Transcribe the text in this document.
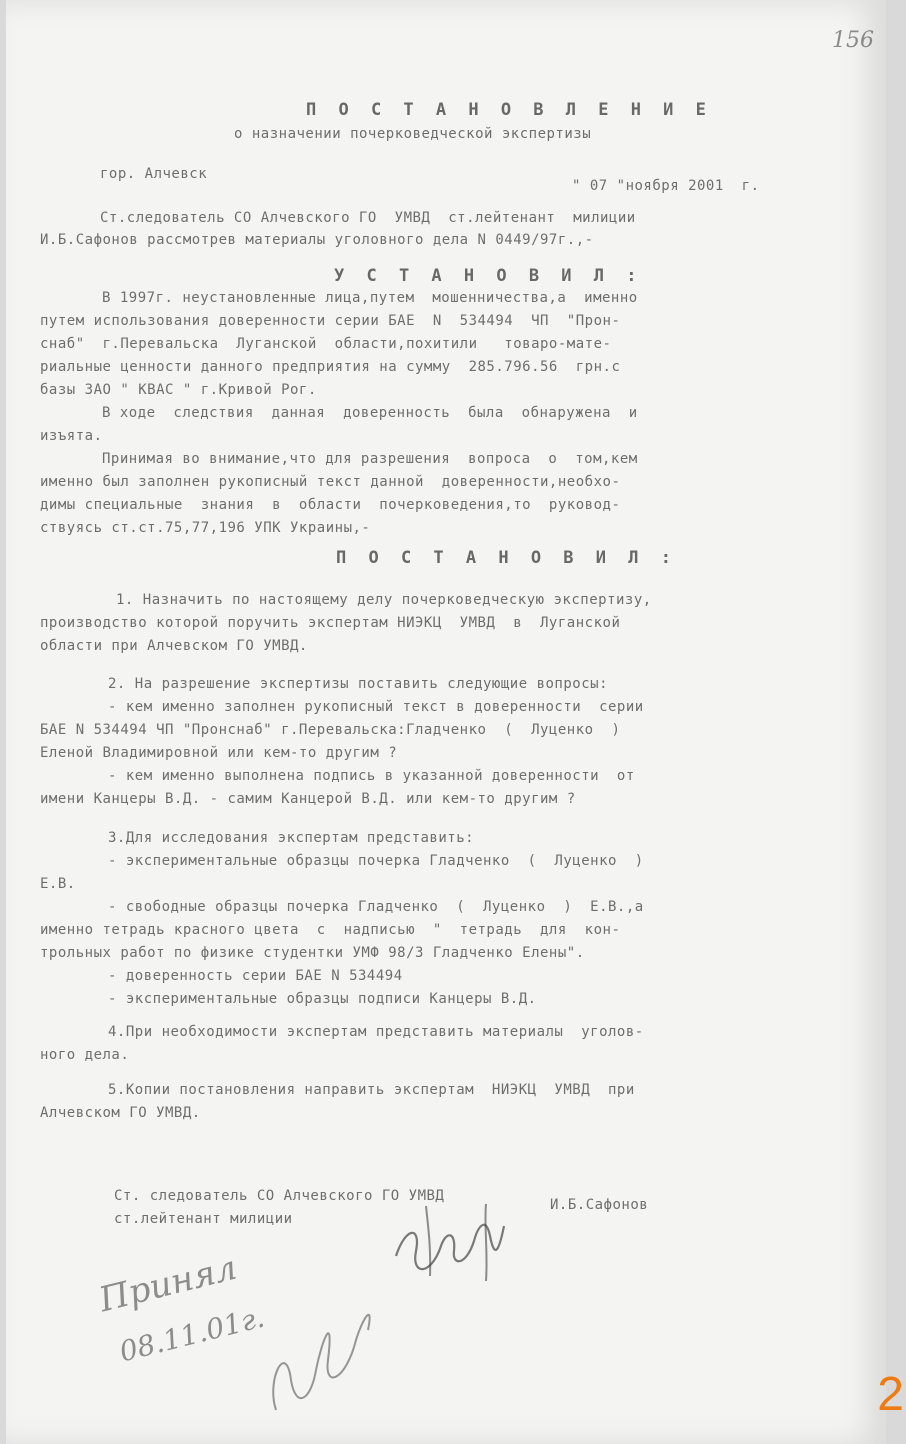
156
П О С Т А Н О В Л Е Н И Е
о назначении почерковедческой экспертизы
гор. Алчевск
" 07 "ноября 2001  г.
Ст.следователь СО Алчевского ГО  УМВД  ст.лейтенант  милиции
И.Б.Сафонов рассмотрев материалы уголовного дела N 0449/97г.,-
У С Т А Н О В И Л :
В 1997г. неустановленные лица,путем  мошенничества,а  именно
путем использования доверенности серии БАЕ  N  534494  ЧП  "Прон-
снаб"  г.Перевальска  Луганской  области,похитили   товаро-мате-
риальные ценности данного предприятия на сумму  285.796.56  грн.с
базы ЗАО " КВАС " г.Кривой Рог.
В ходе  следствия  данная  доверенность  была  обнаружена  и
изъята.
Принимая во внимание,что для разрешения  вопроса  о  том,кем
именно был заполнен рукописный текст данной  доверенности,необхо-
димы специальные  знания  в  области  почерковедения,то  руковод-
ствуясь ст.ст.75,77,196 УПК Украины,-
П О С Т А Н О В И Л :
1. Назначить по настоящему делу почерковедческую экспертизу,
производство которой поручить экспертам НИЭКЦ  УМВД  в  Луганской
области при Алчевском ГО УМВД.
2. На разрешение экспертизы поставить следующие вопросы:
- кем именно заполнен рукописный текст в доверенности  серии
БАЕ N 534494 ЧП "Пронснаб" г.Перевальска:Гладченко  (  Луценко  )
Еленой Владимировной или кем-то другим ?
- кем именно выполнена подпись в указанной доверенности  от
имени Канцеры В.Д. - самим Канцерой В.Д. или кем-то другим ?
3.Для исследования экспертам представить:
- экспериментальные образцы почерка Гладченко  (  Луценко  )
Е.В.
- свободные образцы почерка Гладченко  (  Луценко  )  Е.В.,а
именно тетрадь красного цвета  с  надписью  "  тетрадь  для  кон-
трольных работ по физике студентки УМФ 98/3 Гладченко Елены".
- доверенность серии БАЕ N 534494
- экспериментальные образцы подписи Канцеры В.Д.
4.При необходимости экспертам представить материалы  уголов-
ного дела.
5.Копии постановления направить экспертам  НИЭКЦ  УМВД  при
Алчевском ГО УМВД.
Ст. следователь СО Алчевского ГО УМВД
ст.лейтенант милиции
И.Б.Сафонов
Принял
08.11.01г.
2
